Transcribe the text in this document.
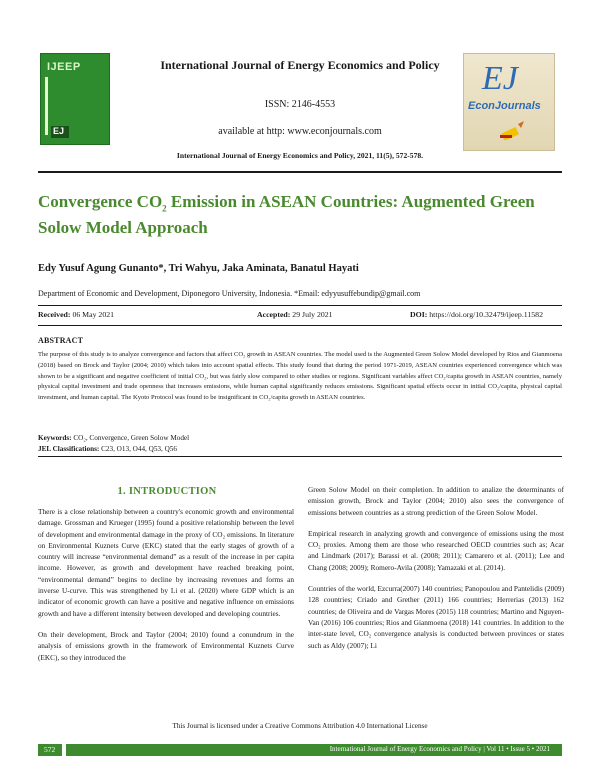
IJEEP
EJ
International Journal of Energy Economics and Policy
ISSN: 2146-4553
available at http: www.econjournals.com
International Journal of Energy Economics and Policy, 2021, 11(5), 572-578.
EJ
EconJournals
Convergence $CO_2$ Emission in ASEAN Countries: Augmented Green Solow Model Approach
Edy Yusuf Agung Gunanto*, Tri Wahyu, Jaka Aminata, Banatul Hayati
Department of Economic and Development, Diponegoro University, Indonesia. *Email: edyyusuffebundip@gmail.com
Received: 06 May 2021	Accepted: 29 July 2021	DOI: https://doi.org/10.32479/ijeep.11582
ABSTRACT
The purpose of this study is to analyze convergence and factors that affect CO₂ growth in ASEAN countries. The model used is the Augmented Green Solow Model developed by Rios and Gianmoena (2018) based on Brock and Taylor (2004; 2010) which takes into account spatial effects. This study found that during the period 1971-2019, ASEAN countries experienced convergence which was shown to be a significant and negative coefficient of initial CO₂, but was fairly slow compared to other studies or regions. Significant variables affect CO₂/capita growth in ASEAN countries, namely physical capital investment and trade openness that increases emissions, while human capital significantly reduces emissions. Significant spatial effects occur in initial CO₂/capita, physical capital investment, and human capital. The Kyoto Protocol was found to be insignificant in CO₂/capita growth in ASEAN countries.
Keywords: CO₂, Convergence, Green Solow Model
JEL Classifications: C23, O13, O44, Q53, Q56
1. INTRODUCTION

There is a close relationship between a country's economic growth and environmental damage. Grossman and Krueger (1995) found a positive relationship between the level of development and environmental damage in the proxy of CO₂ emissions. In literature on Environmental Kuznets Curve (EKC) stated that the early stages of growth of a country will increase “environmental demand” as a result of the increase in per capita income. However, as growth and development have reached breaking point, “environmental demand” begins to decline by increasing revenues and forms an inverse U-curve. This was strengthened by Li et al. (2020) where GDP which is an indicator of economic growth can have a positive and negative influence on emissions growth and have a different intensity between developed and developing countries.

On their development, Brock and Taylor (2004; 2010) found a conundrum in the analysis of emissions growth in the framework of Environmental Kuznets Curve (EKC), so they introduced the

Green Solow Model on their completion. In addition to analize the determinants of emission growth, Brock and Taylor (2004; 2010) also sees the convergence of emissions between countries as a strong prediction of the Green Solow Model.

Empirical research in analyzing growth and convergence of emissions using the most CO₂ proxies. Among them are those who researched OECD countries such as; Acar and Lindmark (2017); Barassi et al. (2008; 2011); Camarero et al. (2011); Lee and Chang (2008; 2009); Romero-Avila (2008); Yamazaki et al. (2014).

Countries of the world, Ezcurra(2007) 140 countries; Panopoulou and Pantelidis (2009) 128 countries; Criado and Grether (2011) 166 countries; Herrerias (2013) 162 countries; de Oliveira and de Vargas Mores (2015) 118 countries; Martino and Nguyen-Van (2016) 106 countries; Rios and Gianmoena (2018) 141 countries. In addition to the inter-state level, CO₂ convergence analysis is conducted between provinces or states such as Aldy (2007); Li

This Journal is licensed under a Creative Commons Attribution 4.0 International License
572	International Journal of Energy Economics and Policy | Vol 11 • Issue 5 • 2021
